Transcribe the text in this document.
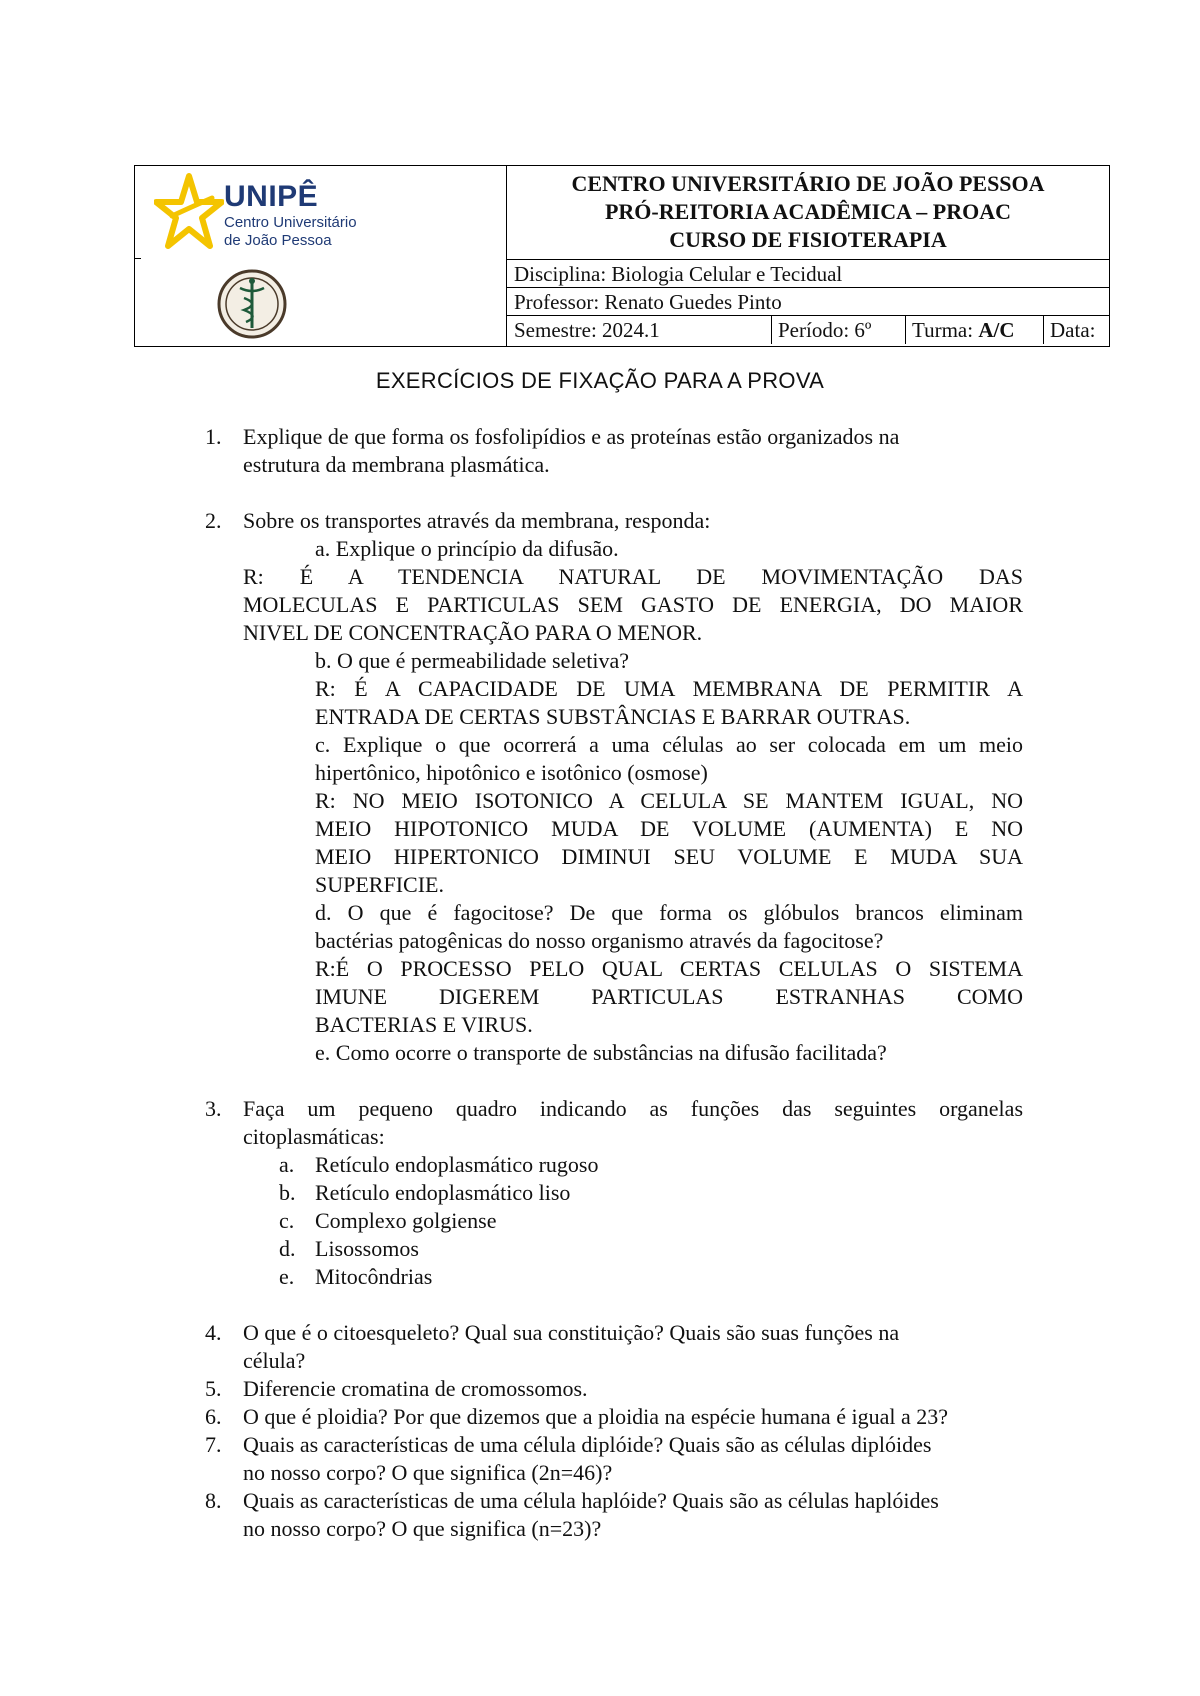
UNIPÊ
Centro Universitário
de João Pessoa
CENTRO UNIVERSITÁRIO DE JOÃO PESSOA
PRÓ-REITORIA ACADÊMICA – PROAC
CURSO DE FISIOTERAPIA
Disciplina: Biologia Celular e Tecidual
Professor: Renato Guedes Pinto
Semestre: 2024.1	Período: 6º	Turma: A/C	Data:
EXERCÍCIOS DE FIXAÇÃO PARA A PROVA
1. Explique de que forma os fosfolipídios e as proteínas estão organizados na
estrutura da membrana plasmática.
2. Sobre os transportes através da membrana, responda:
a. Explique o princípio da difusão.
R: É A TENDENCIA NATURAL DE MOVIMENTAÇÃO DAS
MOLECULAS E PARTICULAS SEM GASTO DE ENERGIA, DO MAIOR
NIVEL DE CONCENTRAÇÃO PARA O MENOR.
b. O que é permeabilidade seletiva?
R: É A CAPACIDADE DE UMA MEMBRANA DE PERMITIR A
ENTRADA DE CERTAS SUBSTÂNCIAS E BARRAR OUTRAS.
c. Explique o que ocorrerá a uma células ao ser colocada em um meio
hipertônico, hipotônico e isotônico (osmose)
R: NO MEIO ISOTONICO A CELULA SE MANTEM IGUAL, NO
MEIO HIPOTONICO MUDA DE VOLUME (AUMENTA) E NO
MEIO HIPERTONICO DIMINUI SEU VOLUME E MUDA SUA
SUPERFICIE.
d. O que é fagocitose? De que forma os glóbulos brancos eliminam
bactérias patogênicas do nosso organismo através da fagocitose?
R:É O PROCESSO PELO QUAL CERTAS CELULAS O SISTEMA
IMUNE DIGEREM PARTICULAS ESTRANHAS COMO
BACTERIAS E VIRUS.
e. Como ocorre o transporte de substâncias na difusão facilitada?
3. Faça um pequeno quadro indicando as funções das seguintes organelas
citoplasmáticas:
a. Retículo endoplasmático rugoso
b. Retículo endoplasmático liso
c. Complexo golgiense
d. Lisossomos
e. Mitocôndrias
4. O que é o citoesqueleto? Qual sua constituição? Quais são suas funções na
célula?
5. Diferencie cromatina de cromossomos.
6. O que é ploidia? Por que dizemos que a ploidia na espécie humana é igual a 23?
7. Quais as características de uma célula diplóide? Quais são as células diplóides
no nosso corpo? O que significa (2n=46)?
8. Quais as características de uma célula haplóide? Quais são as células haplóides
no nosso corpo? O que significa (n=23)?
